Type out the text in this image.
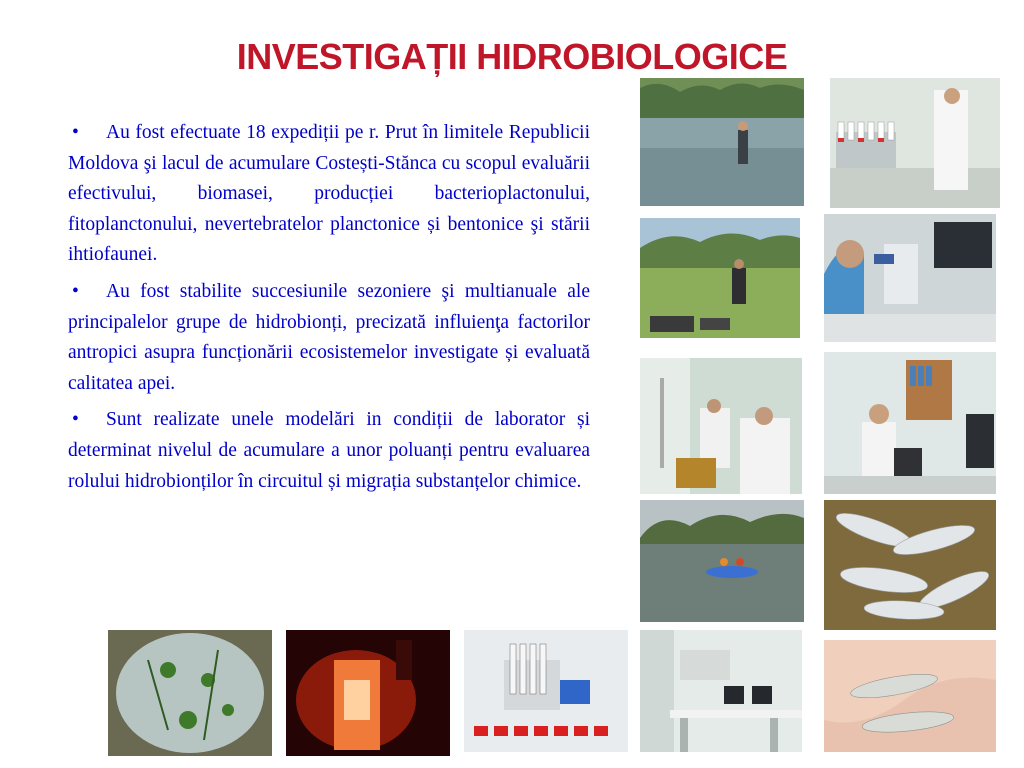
INVESTIGAȚII HIDROBIOLOGICE

• Au fost efectuate 18 expediții pe r. Prut în limitele Republicii Moldova şi lacul de acumulare Costești-Stănca cu scopul evaluării efectivului, biomasei, producției bacterioplactonului, fitoplanctonului, nevertebratelor planctonice și bentonice şi stării ihtiofaunei.

• Au fost stabilite succesiunile sezoniere şi multianuale ale principalelor grupe de hidrobionți, precizată influienţa factorilor antropici asupra funcționării ecosistemelor investigate și evaluată calitatea apei.

• Sunt realizate unele modelări in condiții de laborator și determinat nivelul de acumulare a unor poluanți pentru evaluarea rolului hidrobionților în circuitul și migrația substanțelor chimice.
